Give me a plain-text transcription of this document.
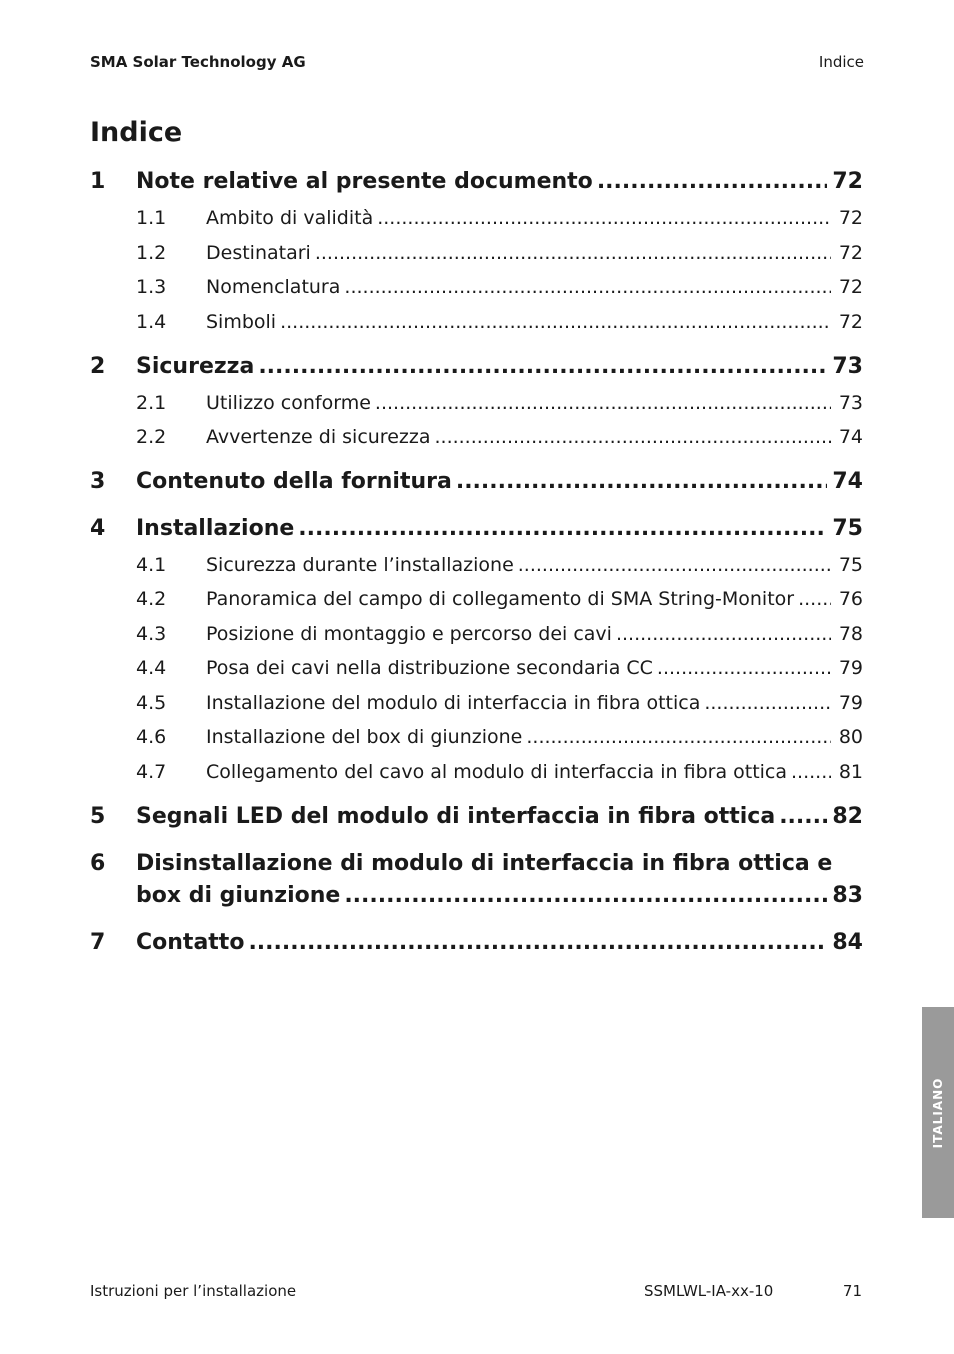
SMA Solar Technology AG	Indice
Indice
1	Note relative al presente documento .....	72
1.1	Ambito di validità .....	72
1.2	Destinatari .....	72
1.3	Nomenclatura .....	72
1.4	Simboli .....	72
2	Sicurezza .....	73
2.1	Utilizzo conforme .....	73
2.2	Avvertenze di sicurezza .....	74
3	Contenuto della fornitura .....	74
4	Installazione .....	75
4.1	Sicurezza durante l’installazione .....	75
4.2	Panoramica del campo di collegamento di SMA String-Monitor ..... 76
4.3	Posizione di montaggio e percorso dei cavi .....	78
4.4	Posa dei cavi nella distribuzione secondaria CC .....	79
4.5	Installazione del modulo di interfaccia in fibra ottica .....	79
4.6	Installazione del box di giunzione .....	80
4.7	Collegamento del cavo al modulo di interfaccia in fibra ottica .....	81
5	Segnali LED del modulo di interfaccia in fibra ottica .....	82
6 Disinstallazione di modulo di interfaccia in fibra ottica e
box di giunzione .....	83
7	Contatto .....	84
ITALIANO
Istruzioni per l’installazione	SSMLWL-IA-xx-10	71
